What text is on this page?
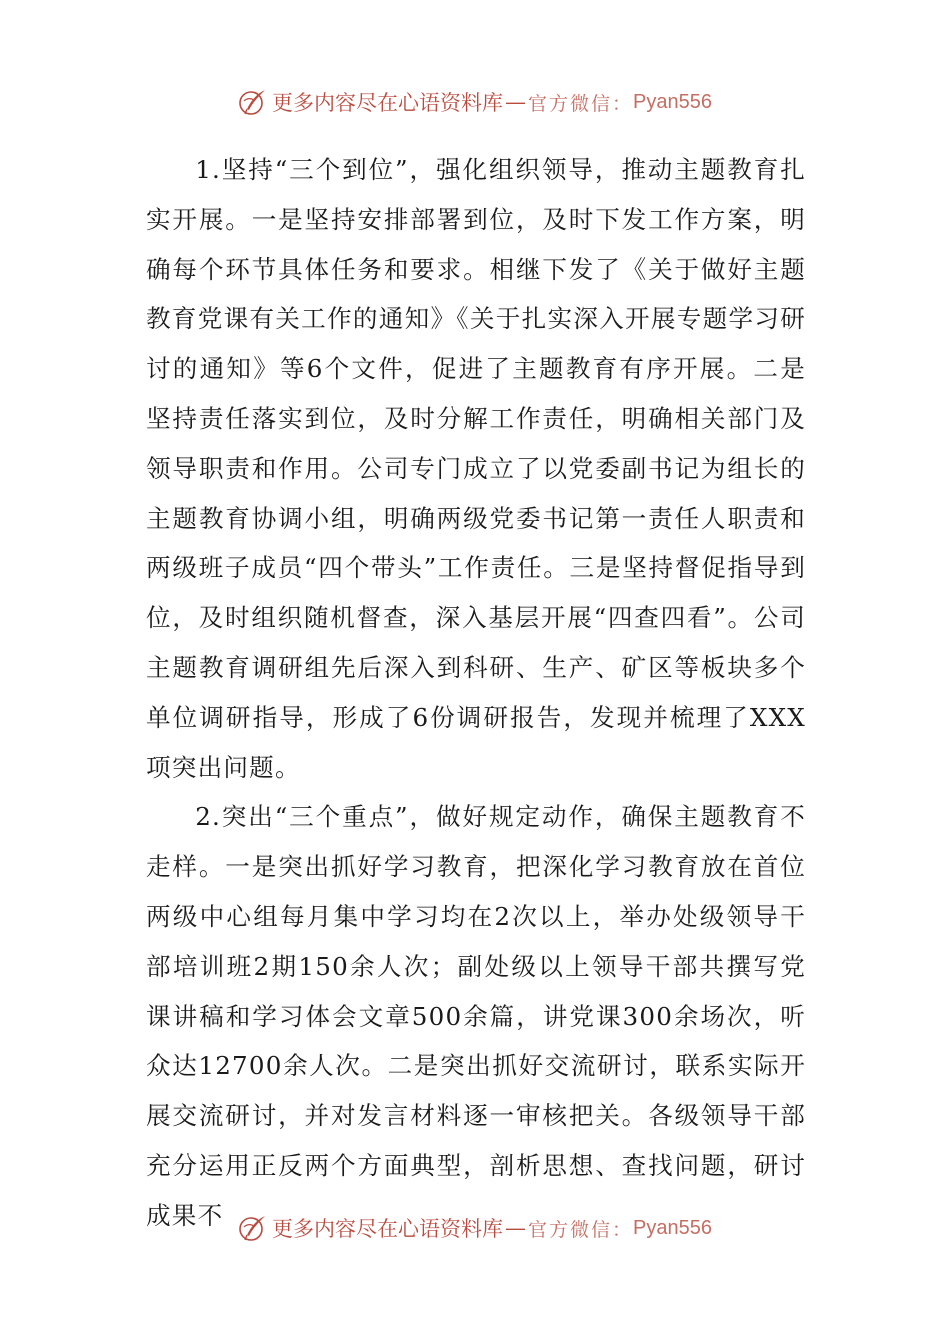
更多内容尽在心语资料库 — 官方微信： Pyan556

1.坚持“三个到位”，强化组织领导，推动主题教育扎实开展。一是坚持安排部署到位，及时下发工作方案，明确每个环节具体任务和要求。相继下发了《关于做好主题教育党课有关工作的通知》《关于扎实深入开展专题学习研讨的通知》等6个文件，促进了主题教育有序开展。二是坚持责任落实到位，及时分解工作责任，明确相关部门及领导职责和作用。公司专门成立了以党委副书记为组长的主题教育协调小组，明确两级党委书记第一责任人职责和两级班子成员“四个带头”工作责任。三是坚持督促指导到位，及时组织随机督查，深入基层开展“四查四看”。公司主题教育调研组先后深入到科研、生产、矿区等板块多个单位调研指导，形成了6份调研报告，发现并梳理了XXX项突出问题。

2.突出“三个重点”，做好规定动作，确保主题教育不走样。一是突出抓好学习教育，把深化学习教育放在首位两级中心组每月集中学习均在2次以上，举办处级领导干部培训班2期150余人次；副处级以上领导干部共撰写党课讲稿和学习体会文章500余篇，讲党课300余场次，听众达12700余人次。二是突出抓好交流研讨，联系实际开展交流研讨，并对发言材料逐一审核把关。各级领导干部充分运用正反两个方面典型，剖析思想、查找问题，研讨成果不	更多内容尽在心语资料库 — 官方微信： Pyan556
